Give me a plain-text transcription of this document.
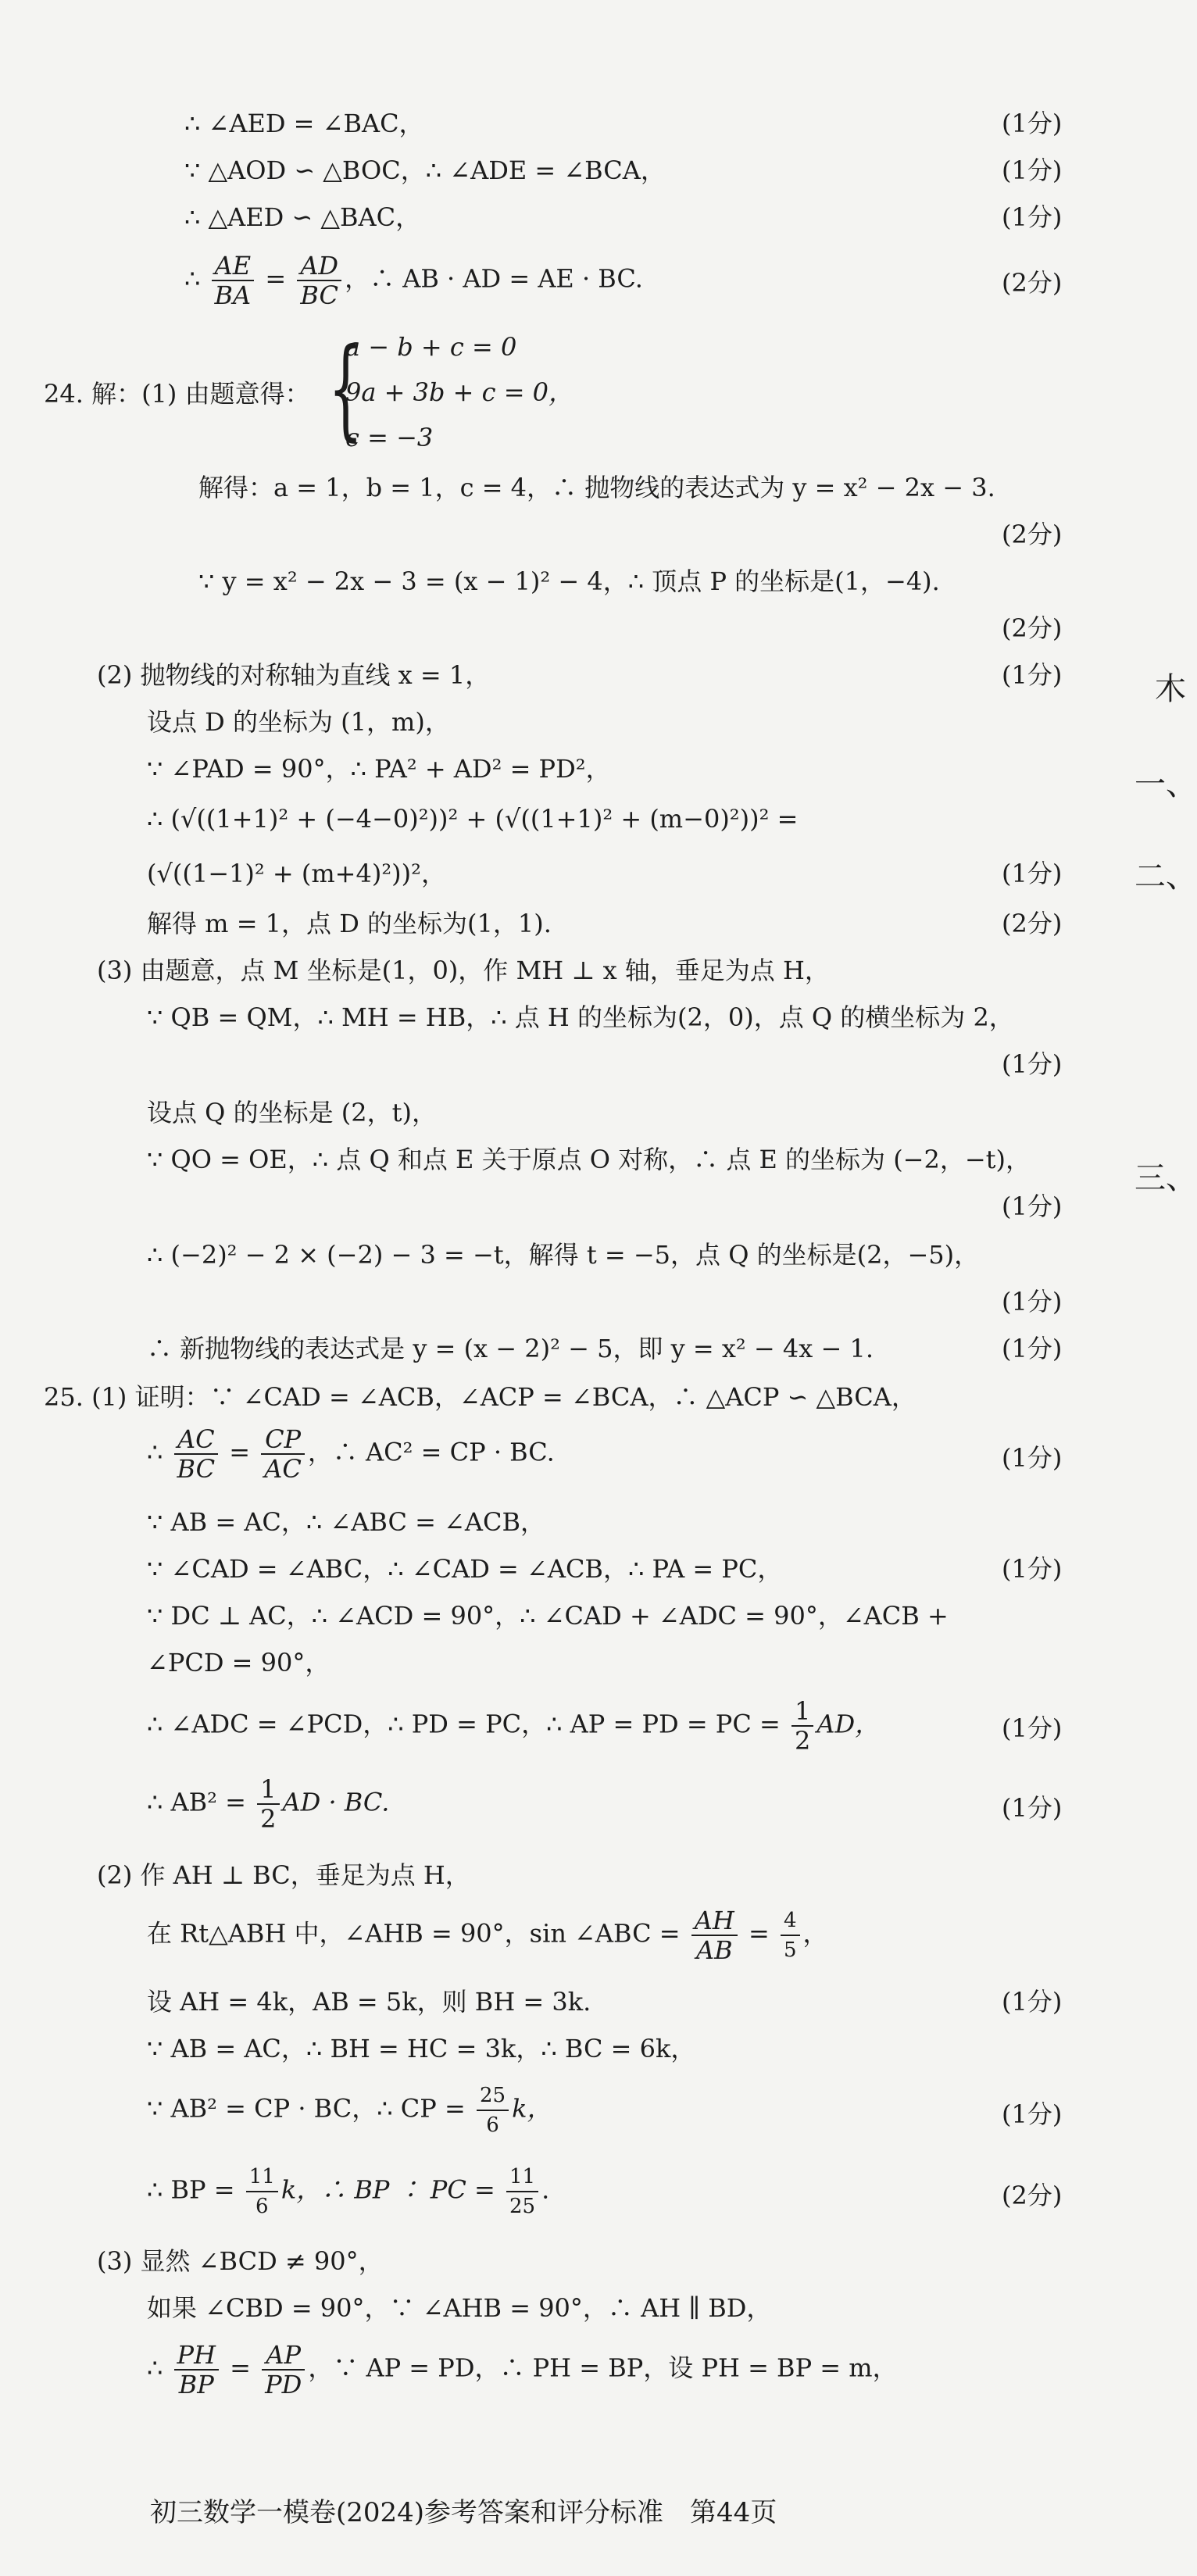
∴ ∠AED = ∠BAC，	(1分)
∵ △AOD ∽ △BOC，∴ ∠ADE = ∠BCA，	(1分)
∴ △AED ∽ △BAC，	(1分)
∴ $\frac{AE}{BA} = \frac{AD}{BC}$ ，∴ AB · AD = AE · BC.	(2分)
24. 解：(1) 由题意得： {
a − b + c = 0
9a + 3b + c = 0，
c = −3
解得：a = 1，b = 1，c = 4，∴ 抛物线的表达式为 y = x² − 2x − 3.
(2分)
∵ y = x² − 2x − 3 = (x − 1)² − 4，∴ 顶点 P 的坐标是(1，−4).
(2分)
(2) 抛物线的对称轴为直线 x = 1，	(1分)
设点 D 的坐标为 (1，m)，
∵ ∠PAD = 90°，∴ PA² + AD² = PD²，
∴ (√((1+1)² + (−4−0)²))² + (√((1+1)² + (m−0)²))² =
(√((1−1)² + (m+4)²))²，	(1分)
解得 m = 1，点 D 的坐标为(1，1).	(2分)
(3) 由题意，点 M 坐标是(1，0)，作 MH ⊥ x 轴，垂足为点 H，
∵ QB = QM，∴ MH = HB，∴ 点 H 的坐标为(2，0)，点 Q 的横坐标为 2，
(1分)
设点 Q 的坐标是 (2，t)，
∵ QO = OE，∴ 点 Q 和点 E 关于原点 O 对称，∴ 点 E 的坐标为 (−2，−t)，
(1分)
∴ (−2)² − 2 × (−2) − 3 = −t，解得 t = −5，点 Q 的坐标是(2，−5)，
(1分)
∴ 新抛物线的表达式是 y = (x − 2)² − 5，即 y = x² − 4x − 1.	(1分)
25. (1) 证明：∵ ∠CAD = ∠ACB，∠ACP = ∠BCA，∴ △ACP ∽ △BCA，
∴ $\frac{AC}{BC} = \frac{CP}{AC}$ ，∴ AC² = CP · BC.	(1分)
∵ AB = AC，∴ ∠ABC = ∠ACB，
∵ ∠CAD = ∠ABC，∴ ∠CAD = ∠ACB，∴ PA = PC，	(1分)
∵ DC ⊥ AC，∴ ∠ACD = 90°，∴ ∠CAD + ∠ADC = 90°，∠ACB +
∠PCD = 90°，
∴ ∠ADC = ∠PCD，∴ PD = PC，∴ AP = PD = PC = $\frac{1}{2}$ AD，	(1分)
∴ $AB^2 = \frac{1}{2}$ AD · BC.	(1分)
(2) 作 AH ⊥ BC，垂足为点 H，
在 Rt△ABH 中，∠AHB = 90°，sin ∠ABC = $\frac{AH}{AB} = \frac{4}{5}$ ，
设 AH = 4k，AB = 5k，则 BH = 3k.	(1分)
∵ AB = AC，∴ BH = HC = 3k，∴ BC = 6k，
∵ AB² = CP · BC，∴ CP = $\frac{25}{6}$ k，	(1分)
∴ BP = $\frac{11}{6}$ k，∴ BP ∶ PC = $\frac{11}{25}$ .	(2分)
(3) 显然 ∠BCD ≠ 90°，
如果 ∠CBD = 90°，∵ ∠AHB = 90°，∴ AH ∥ BD，
∴ $\frac{PH}{BP} = \frac{AP}{PD}$ ，∵ AP = PD，∴ PH = BP，设 PH = BP = m，
木
一、
二、
三、
初三数学一模卷(2024)参考答案和评分标准　第44页
